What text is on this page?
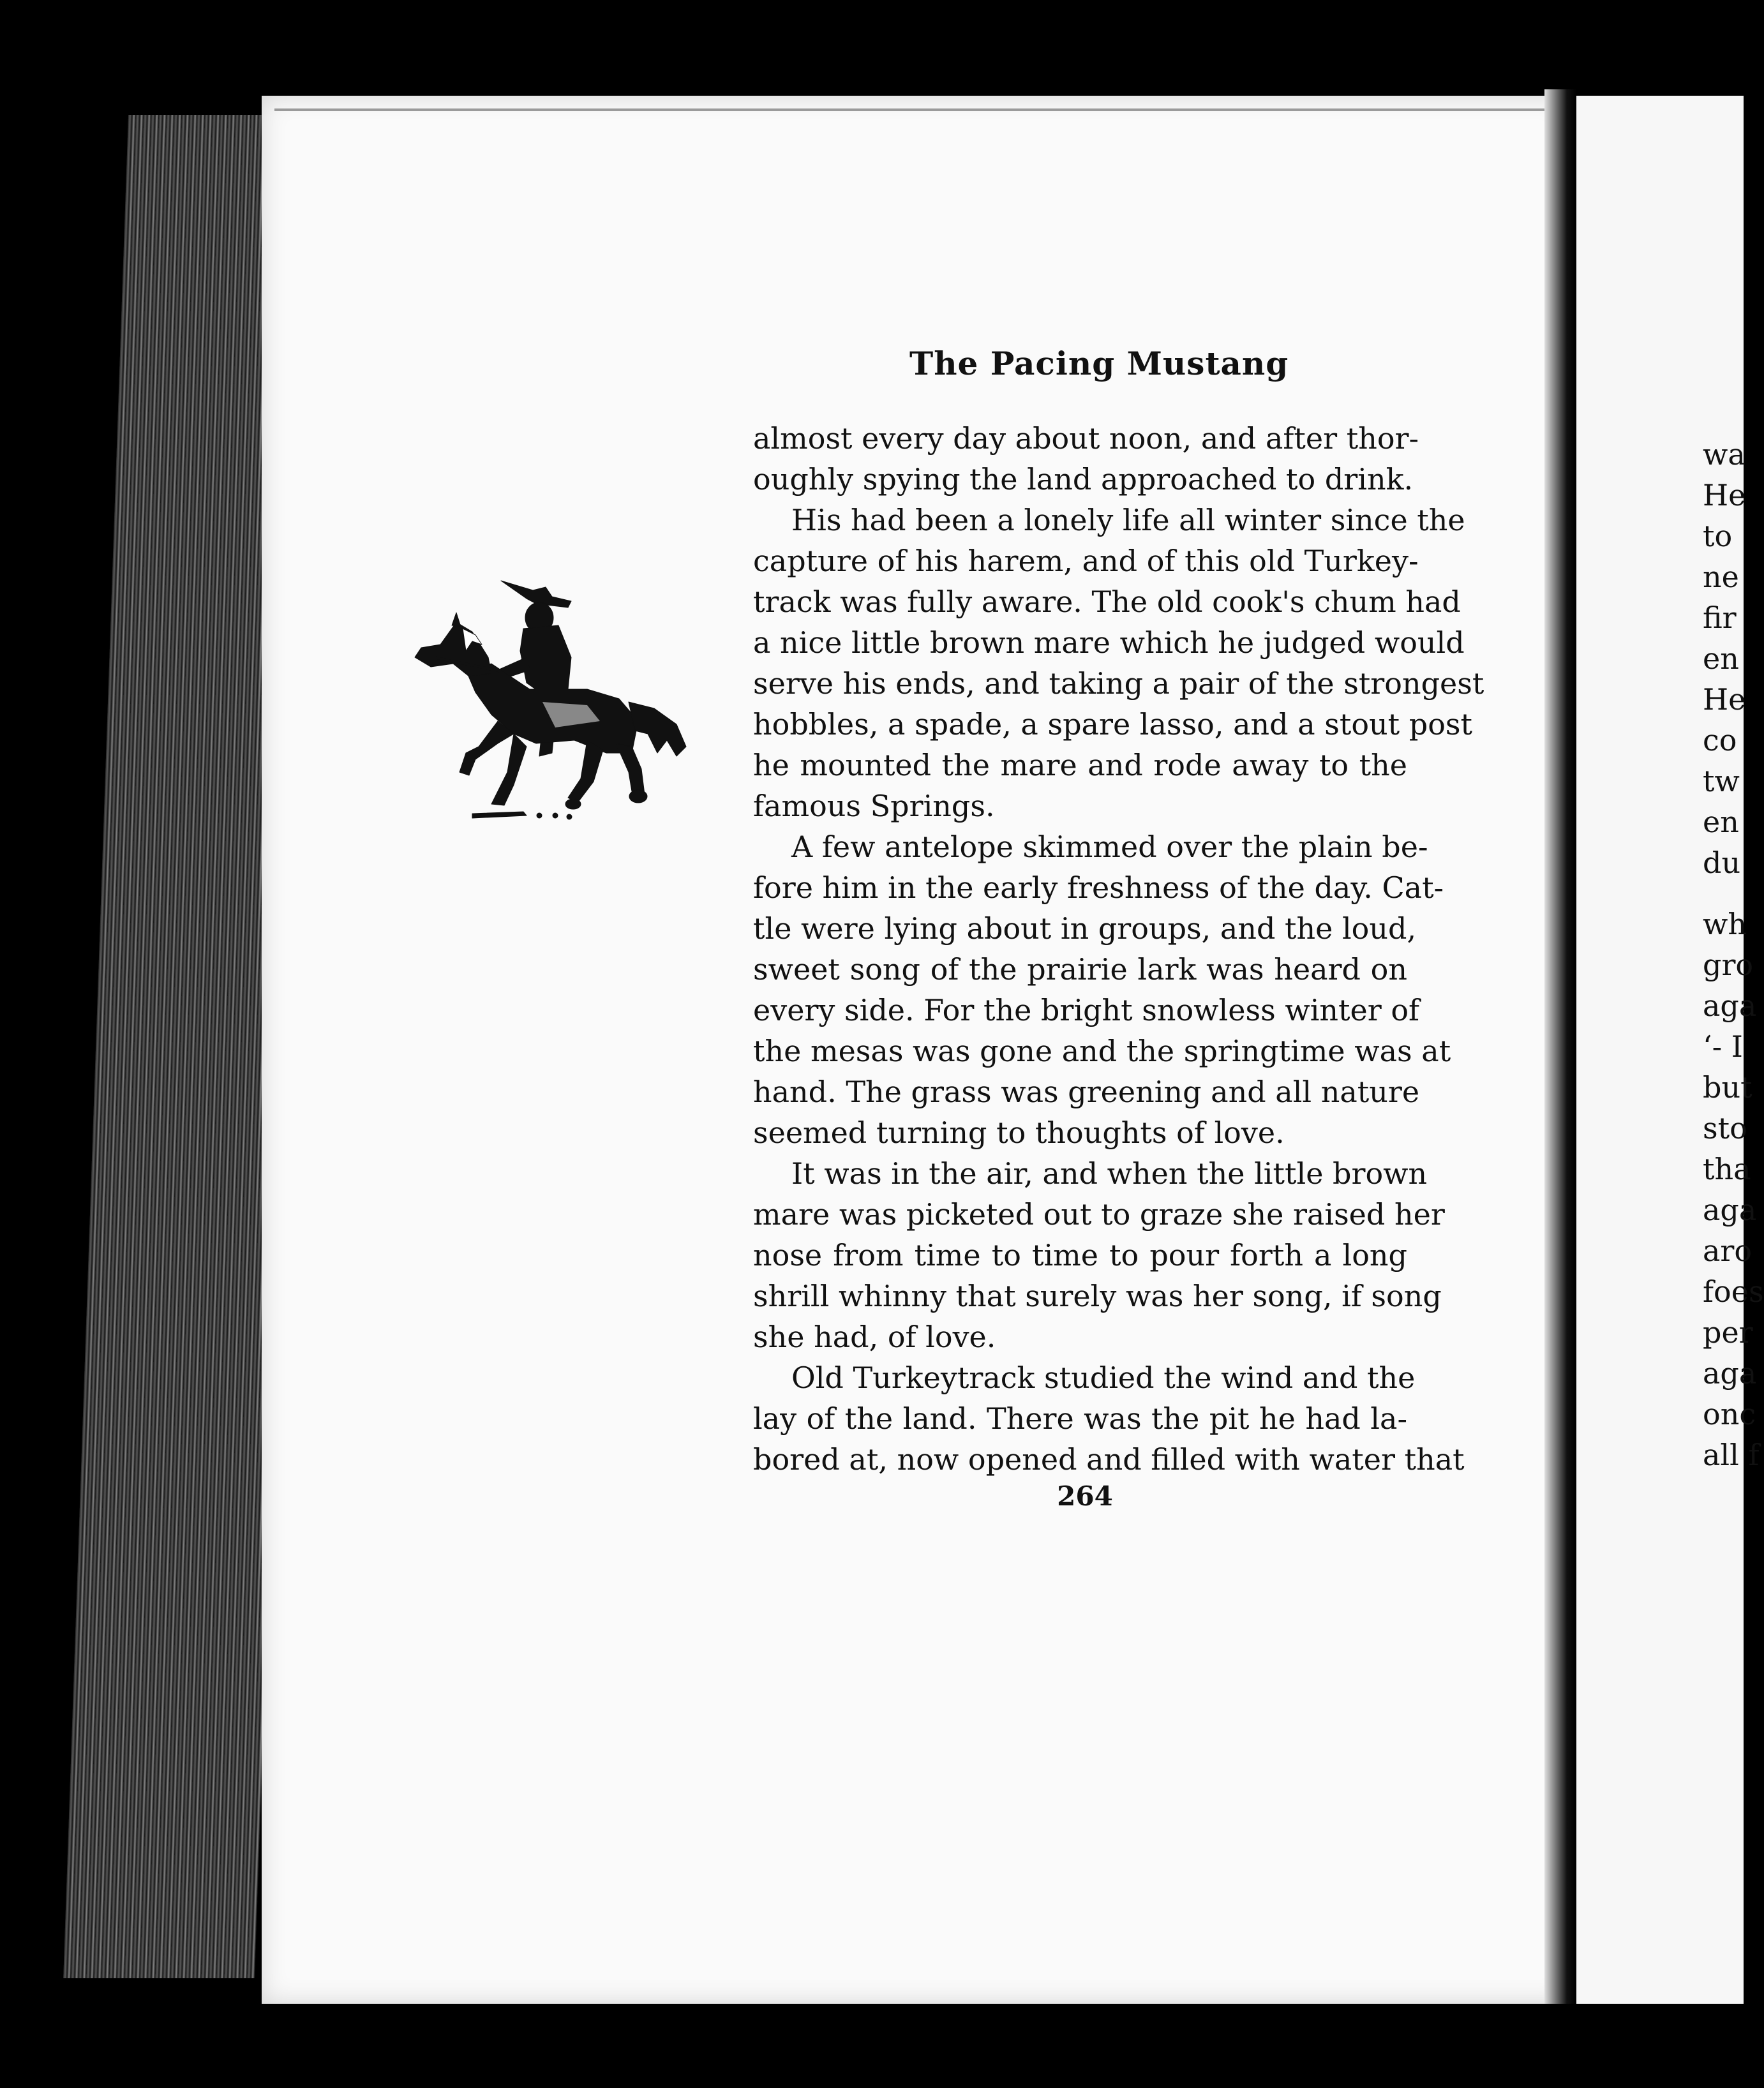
The Pacing Mustang
almost every day about noon, and after thor-
oughly spying the land approached to drink.
His had been a lonely life all winter since the
capture of his harem, and of this old Turkey-
track was fully aware. The old cook's chum had
a nice little brown mare which he judged would
serve his ends, and taking a pair of the strongest
hobbles, a spade, a spare lasso, and a stout post
he mounted the mare and rode away to the
famous Springs.
A few antelope skimmed over the plain be-
fore him in the early freshness of the day. Cat-
tle were lying about in groups, and the loud,
sweet song of the prairie lark was heard on
every side. For the bright snowless winter of
the mesas was gone and the springtime was at
hand. The grass was greening and all nature
seemed turning to thoughts of love.
It was in the air, and when the little brown
mare was picketed out to graze she raised her
nose from time to time to pour forth a long
shrill whinny that surely was her song, if song
she had, of love.
Old Turkeytrack studied the wind and the
lay of the land. There was the pit he had la-
bored at, now opened and filled with water that
264
wa
He
to
ne
fir
en
He
co
tw
en
du
wh
gro
aga
ʻ- I
but
sto
tha
aga
aro
foes
per
aga
onc
all f
